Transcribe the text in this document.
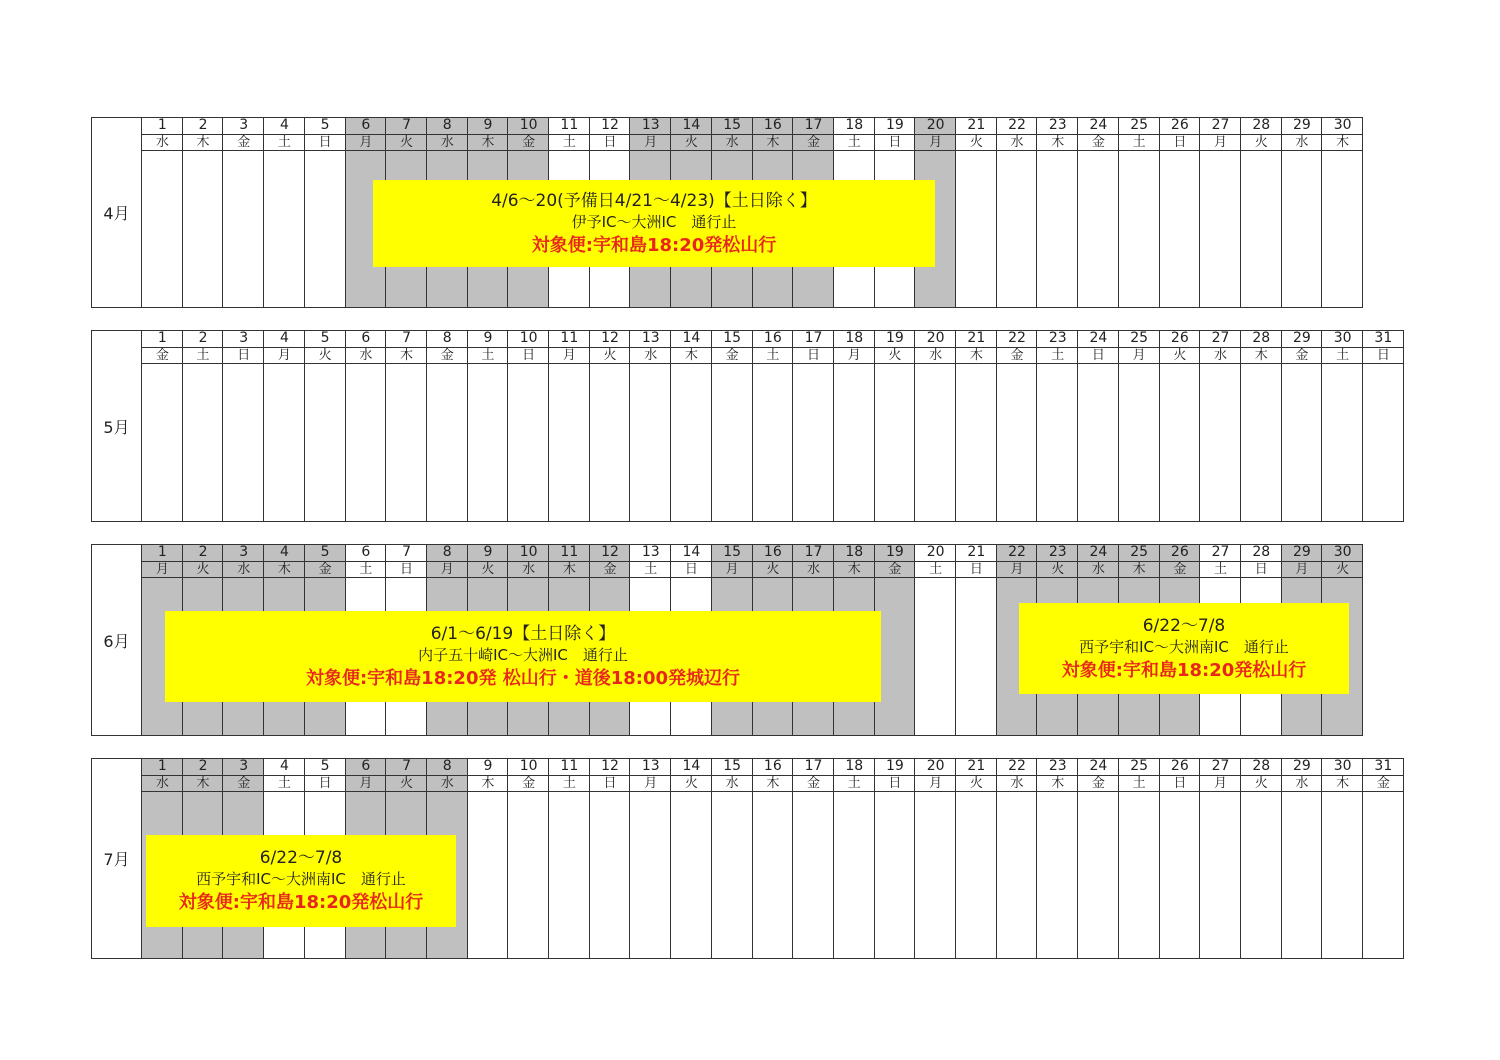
4月
1
水
2
木
3
金
4
土
5
日
6
月
7
火
8
水
9
木
10
金
11
土
12
日
13
月
14
火
15
水
16
木
17
金
18
土
19
日
20
月
21
火
22
水
23
木
24
金
25
土
26
日
27
月
28
火
29
水
30
木
4/6～20(予備日4/21～4/23)【土日除く】
伊予IC～大洲IC　通行止
対象便:宇和島18:20発松山行
5月
1
金
2
土
3
日
4
月
5
火
6
水
7
木
8
金
9
土
10
日
11
月
12
火
13
水
14
木
15
金
16
土
17
日
18
月
19
火
20
水
21
木
22
金
23
土
24
日
25
月
26
火
27
水
28
木
29
金
30
土
31
日
6月
1
月
2
火
3
水
4
木
5
金
6
土
7
日
8
月
9
火
10
水
11
木
12
金
13
土
14
日
15
月
16
火
17
水
18
木
19
金
20
土
21
日
22
月
23
火
24
水
25
木
26
金
27
土
28
日
29
月
30
火
6/1～6/19【土日除く】
内子五十崎IC～大洲IC　通行止
対象便:宇和島18:20発 松山行・道後18:00発城辺行
6/22～7/8
西予宇和IC～大洲南IC　通行止
対象便:宇和島18:20発松山行
7月
1
水
2
木
3
金
4
土
5
日
6
月
7
火
8
水
9
木
10
金
11
土
12
日
13
月
14
火
15
水
16
木
17
金
18
土
19
日
20
月
21
火
22
水
23
木
24
金
25
土
26
日
27
月
28
火
29
水
30
木
31
金
6/22～7/8
西予宇和IC～大洲南IC　通行止
対象便:宇和島18:20発松山行
